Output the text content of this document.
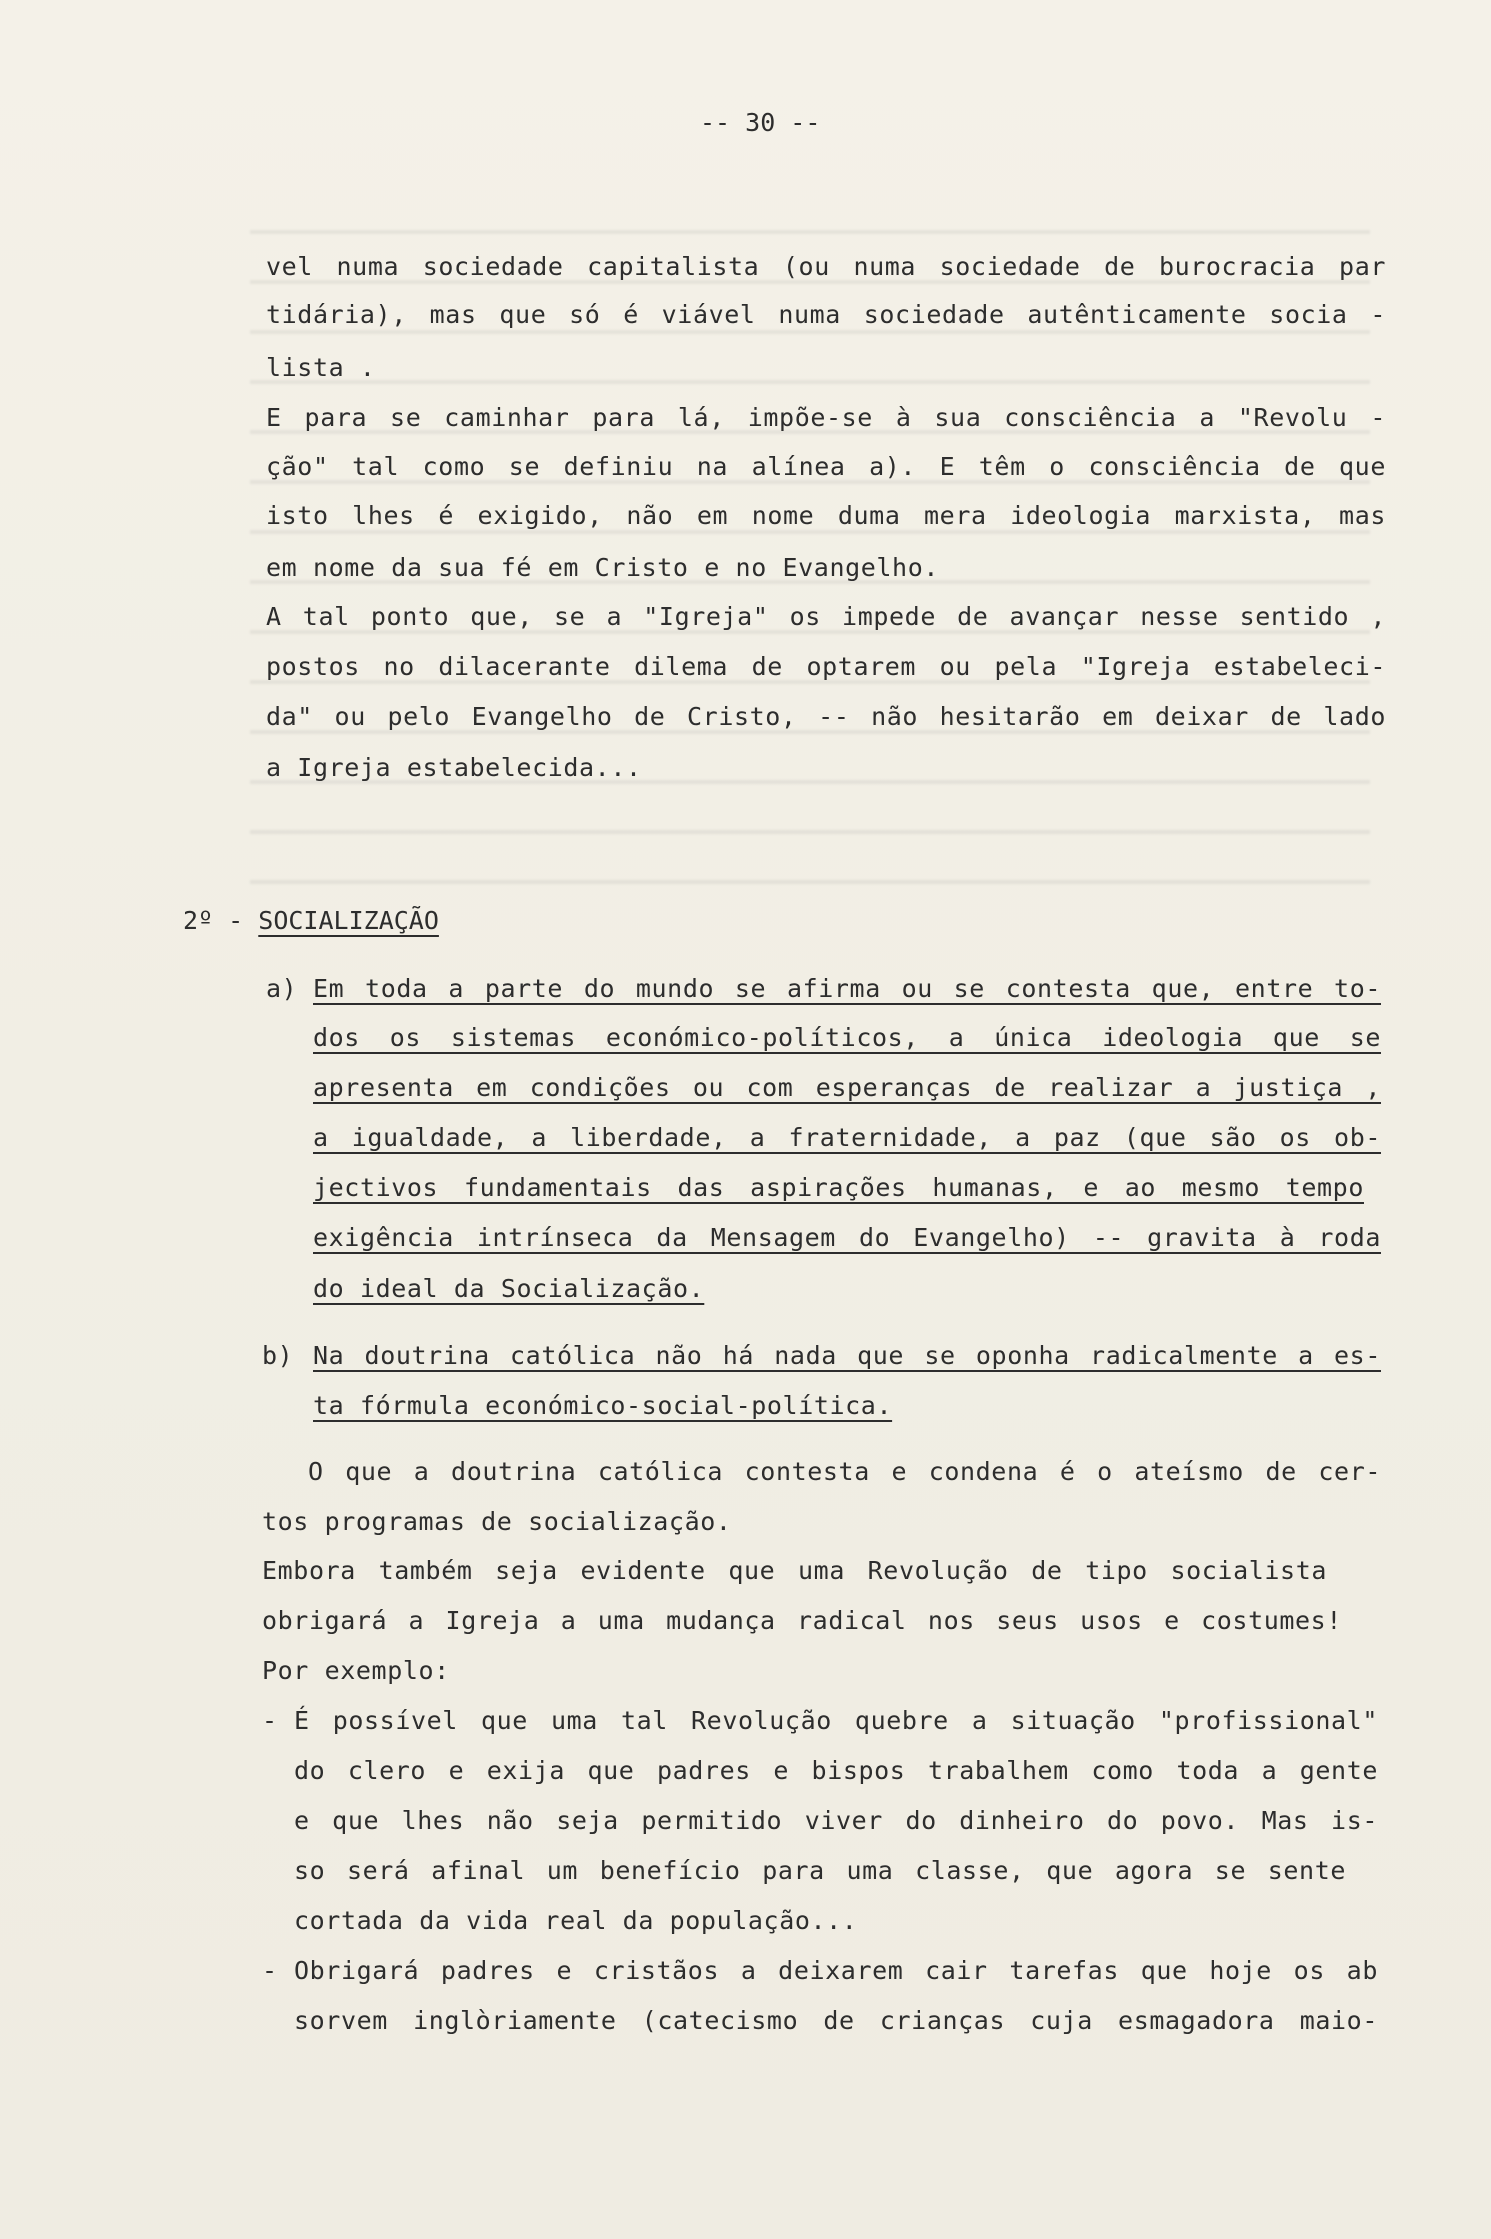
-- 30 --
vel numa sociedade capitalista (ou numa sociedade de burocracia par
tidária), mas que só é viável numa sociedade autênticamente socia -
lista .
E para se caminhar para lá, impõe-se à sua consciência a "Revolu -
ção" tal como se definiu na alínea a). E têm o consciência de que
isto lhes é exigido, não em nome duma mera ideologia marxista, mas
em nome da sua fé em Cristo e no Evangelho.
A tal ponto que, se a "Igreja" os impede de avançar nesse sentido ,
postos no dilacerante dilema de optarem ou pela "Igreja estabeleci-
da" ou pelo Evangelho de Cristo, -- não hesitarão em deixar de lado
a Igreja estabelecida...
2º - SOCIALIZAÇÃO
a) Em toda a parte do mundo se afirma ou se contesta que, entre to-
dos os sistemas económico-políticos, a única ideologia que se
apresenta em condições ou com esperanças de realizar a justiça ,
a igualdade, a liberdade, a fraternidade, a paz (que são os ob-
jectivos fundamentais das aspirações humanas, e ao mesmo tempo
exigência intrínseca da Mensagem do Evangelho) -- gravita à roda
do ideal da Socialização.
b) Na doutrina católica não há nada que se oponha radicalmente a es-
ta fórmula económico-social-política.
O que a doutrina católica contesta e condena é o ateísmo de cer-
tos programas de socialização.
Embora também seja evidente que uma Revolução de tipo socialista
obrigará a Igreja a uma mudança radical nos seus usos e costumes!
Por exemplo:
- É possível que uma tal Revolução quebre a situação "profissional"
do clero e exija que padres e bispos trabalhem como toda a gente
e que lhes não seja permitido viver do dinheiro do povo. Mas is-
so será afinal um benefício para uma classe, que agora se sente
cortada da vida real da população...
- Obrigará padres e cristãos a deixarem cair tarefas que hoje os ab
sorvem inglòriamente (catecismo de crianças cuja esmagadora maio-
